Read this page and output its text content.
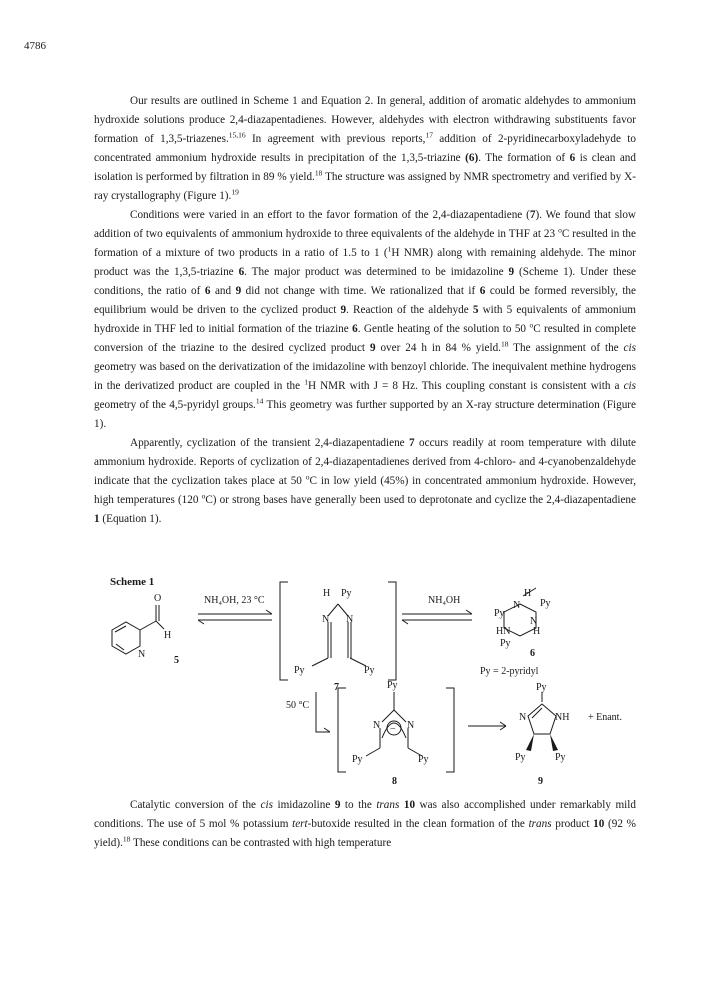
4786

Our results are outlined in Scheme 1 and Equation 2. In general, addition of aromatic aldehydes to ammonium hydroxide solutions produce 2,4-diazapentadienes. However, aldehydes with electron withdrawing substituents favor formation of 1,3,5-triazenes.$^{15,16}$ In agreement with previous reports,$^{17}$ addition of 2-pyridinecarboxyladehyde to concentrated ammonium hydroxide results in precipitation of the 1,3,5-triazine (6). The formation of 6 is clean and isolation is performed by filtration in 89 % yield.$^{18}$ The structure was assigned by NMR spectrometry and verified by X-ray crystallography (Figure 1).$^{19}$

Conditions were varied in an effort to the favor formation of the 2,4-diazapentadiene (7). We found that slow addition of two equivalents of ammonium hydroxide to three equivalents of the aldehyde in THF at 23 $^o$C resulted in the formation of a mixture of two products in a ratio of 1.5 to 1 ($^1$H NMR) along with remaining aldehyde. The minor product was the 1,3,5-triazine 6. The major product was determined to be imidazoline 9 (Scheme 1). Under these conditions, the ratio of 6 and 9 did not change with time. We rationalized that if 6 could be formed reversibly, the equilibrium would be driven to the cyclized product 9. Reaction of the aldehyde 5 with 5 equivalents of ammonium hydroxide in THF led to initial formation of the triazine 6. Gentle heating of the solution to 50 $^o$C resulted in complete conversion of the triazine to the desired cyclized product 9 over 24 h in 84 % yield.$^{18}$ The assignment of the cis geometry was based on the derivatization of the imidazoline with benzoyl chloride. The inequivalent methine hydrogens in the derivatized product are coupled in the $^1$H NMR with J = 8 Hz. This coupling constant is consistent with a cis geometry of the 4,5-pyridyl groups.$^{14}$ This geometry was further supported by an X-ray structure determination (Figure 1).

Apparently, cyclization of the transient 2,4-diazapentadiene 7 occurs readily at room temperature with dilute ammonium hydroxide. Reports of cyclization of 2,4-diazapentadienes derived from 4-chloro- and 4-cyanobenzaldehyde indicate that the cyclization takes place at 50 $^o$C in low yield (45%) in concentrated ammonium hydroxide. However, high temperatures (120 $^o$C) or strong bases have generally been used to deprotonate and cyclize the 2,4-diazapentadiene 1 (Equation 1).

Scheme 1
O
H
N
5
NH₄OH, 23 °C
H Py
N N
Py	Py
7
NH₄OH
H
N Py
Py
N
HN H
Py
6
Py = 2-pyridyl
50 °C
Py
N	N
−
Py	Py
8
Py
N	NH
Py	Py
+ Enant.
9

Catalytic conversion of the cis imidazoline 9 to the trans 10 was also accomplished under remarkably mild conditions. The use of 5 mol % potassium tert-butoxide resulted in the clean formation of the trans product 10 (92 % yield).$^{18}$ These conditions can be contrasted with high temperature
